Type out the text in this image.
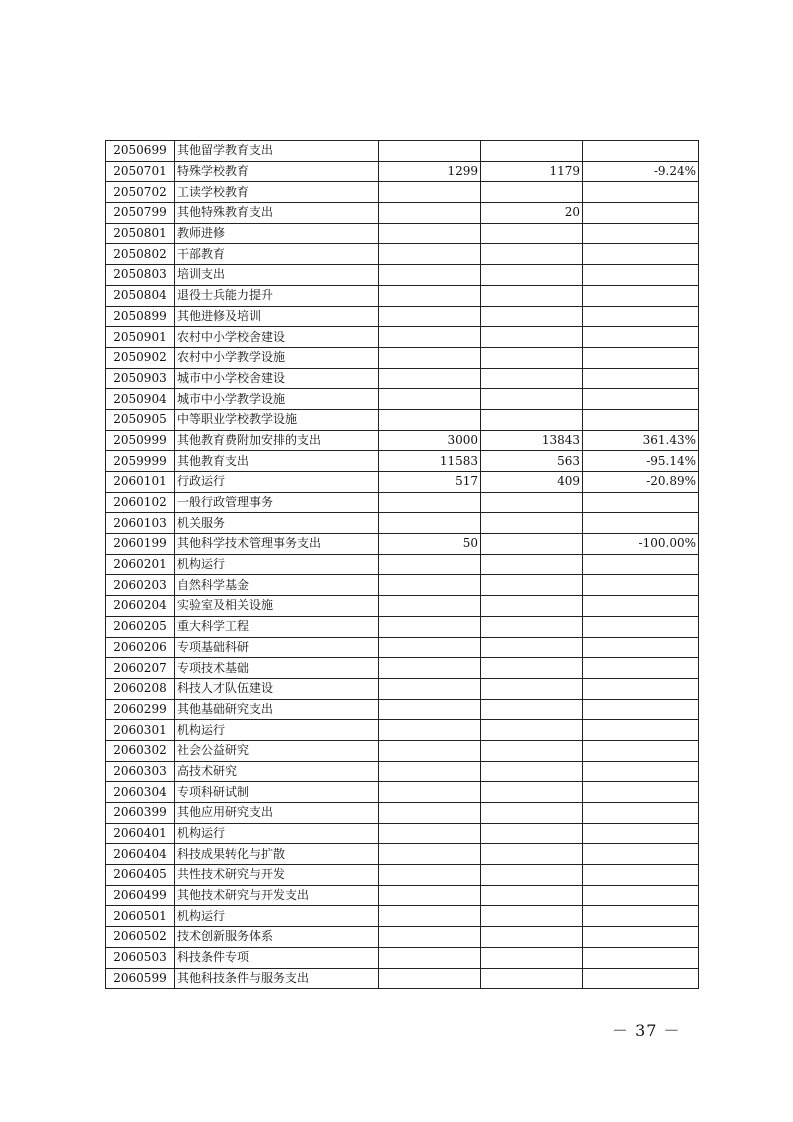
2050699	其他留学教育支出			
2050701	特殊学校教育	1299	1179	-9.24%
2050702	工读学校教育			
2050799	其他特殊教育支出		20	
2050801	教师进修			
2050802	干部教育			
2050803	培训支出			
2050804	退役士兵能力提升			
2050899	其他进修及培训			
2050901	农村中小学校舍建设			
2050902	农村中小学教学设施			
2050903	城市中小学校舍建设			
2050904	城市中小学教学设施			
2050905	中等职业学校教学设施			
2050999	其他教育费附加安排的支出	3000	13843	361.43%
2059999	其他教育支出	11583	563	-95.14%
2060101	行政运行	517	409	-20.89%
2060102	一般行政管理事务			
2060103	机关服务			
2060199	其他科学技术管理事务支出	50		-100.00%
2060201	机构运行			
2060203	自然科学基金			
2060204	实验室及相关设施			
2060205	重大科学工程			
2060206	专项基础科研			
2060207	专项技术基础			
2060208	科技人才队伍建设			
2060299	其他基础研究支出			
2060301	机构运行			
2060302	社会公益研究			
2060303	高技术研究			
2060304	专项科研试制			
2060399	其他应用研究支出			
2060401	机构运行			
2060404	科技成果转化与扩散			
2060405	共性技术研究与开发			
2060499	其他技术研究与开发支出			
2060501	机构运行			
2060502	技术创新服务体系			
2060503	科技条件专项			
2060599	其他科技条件与服务支出			
－ 37 －
